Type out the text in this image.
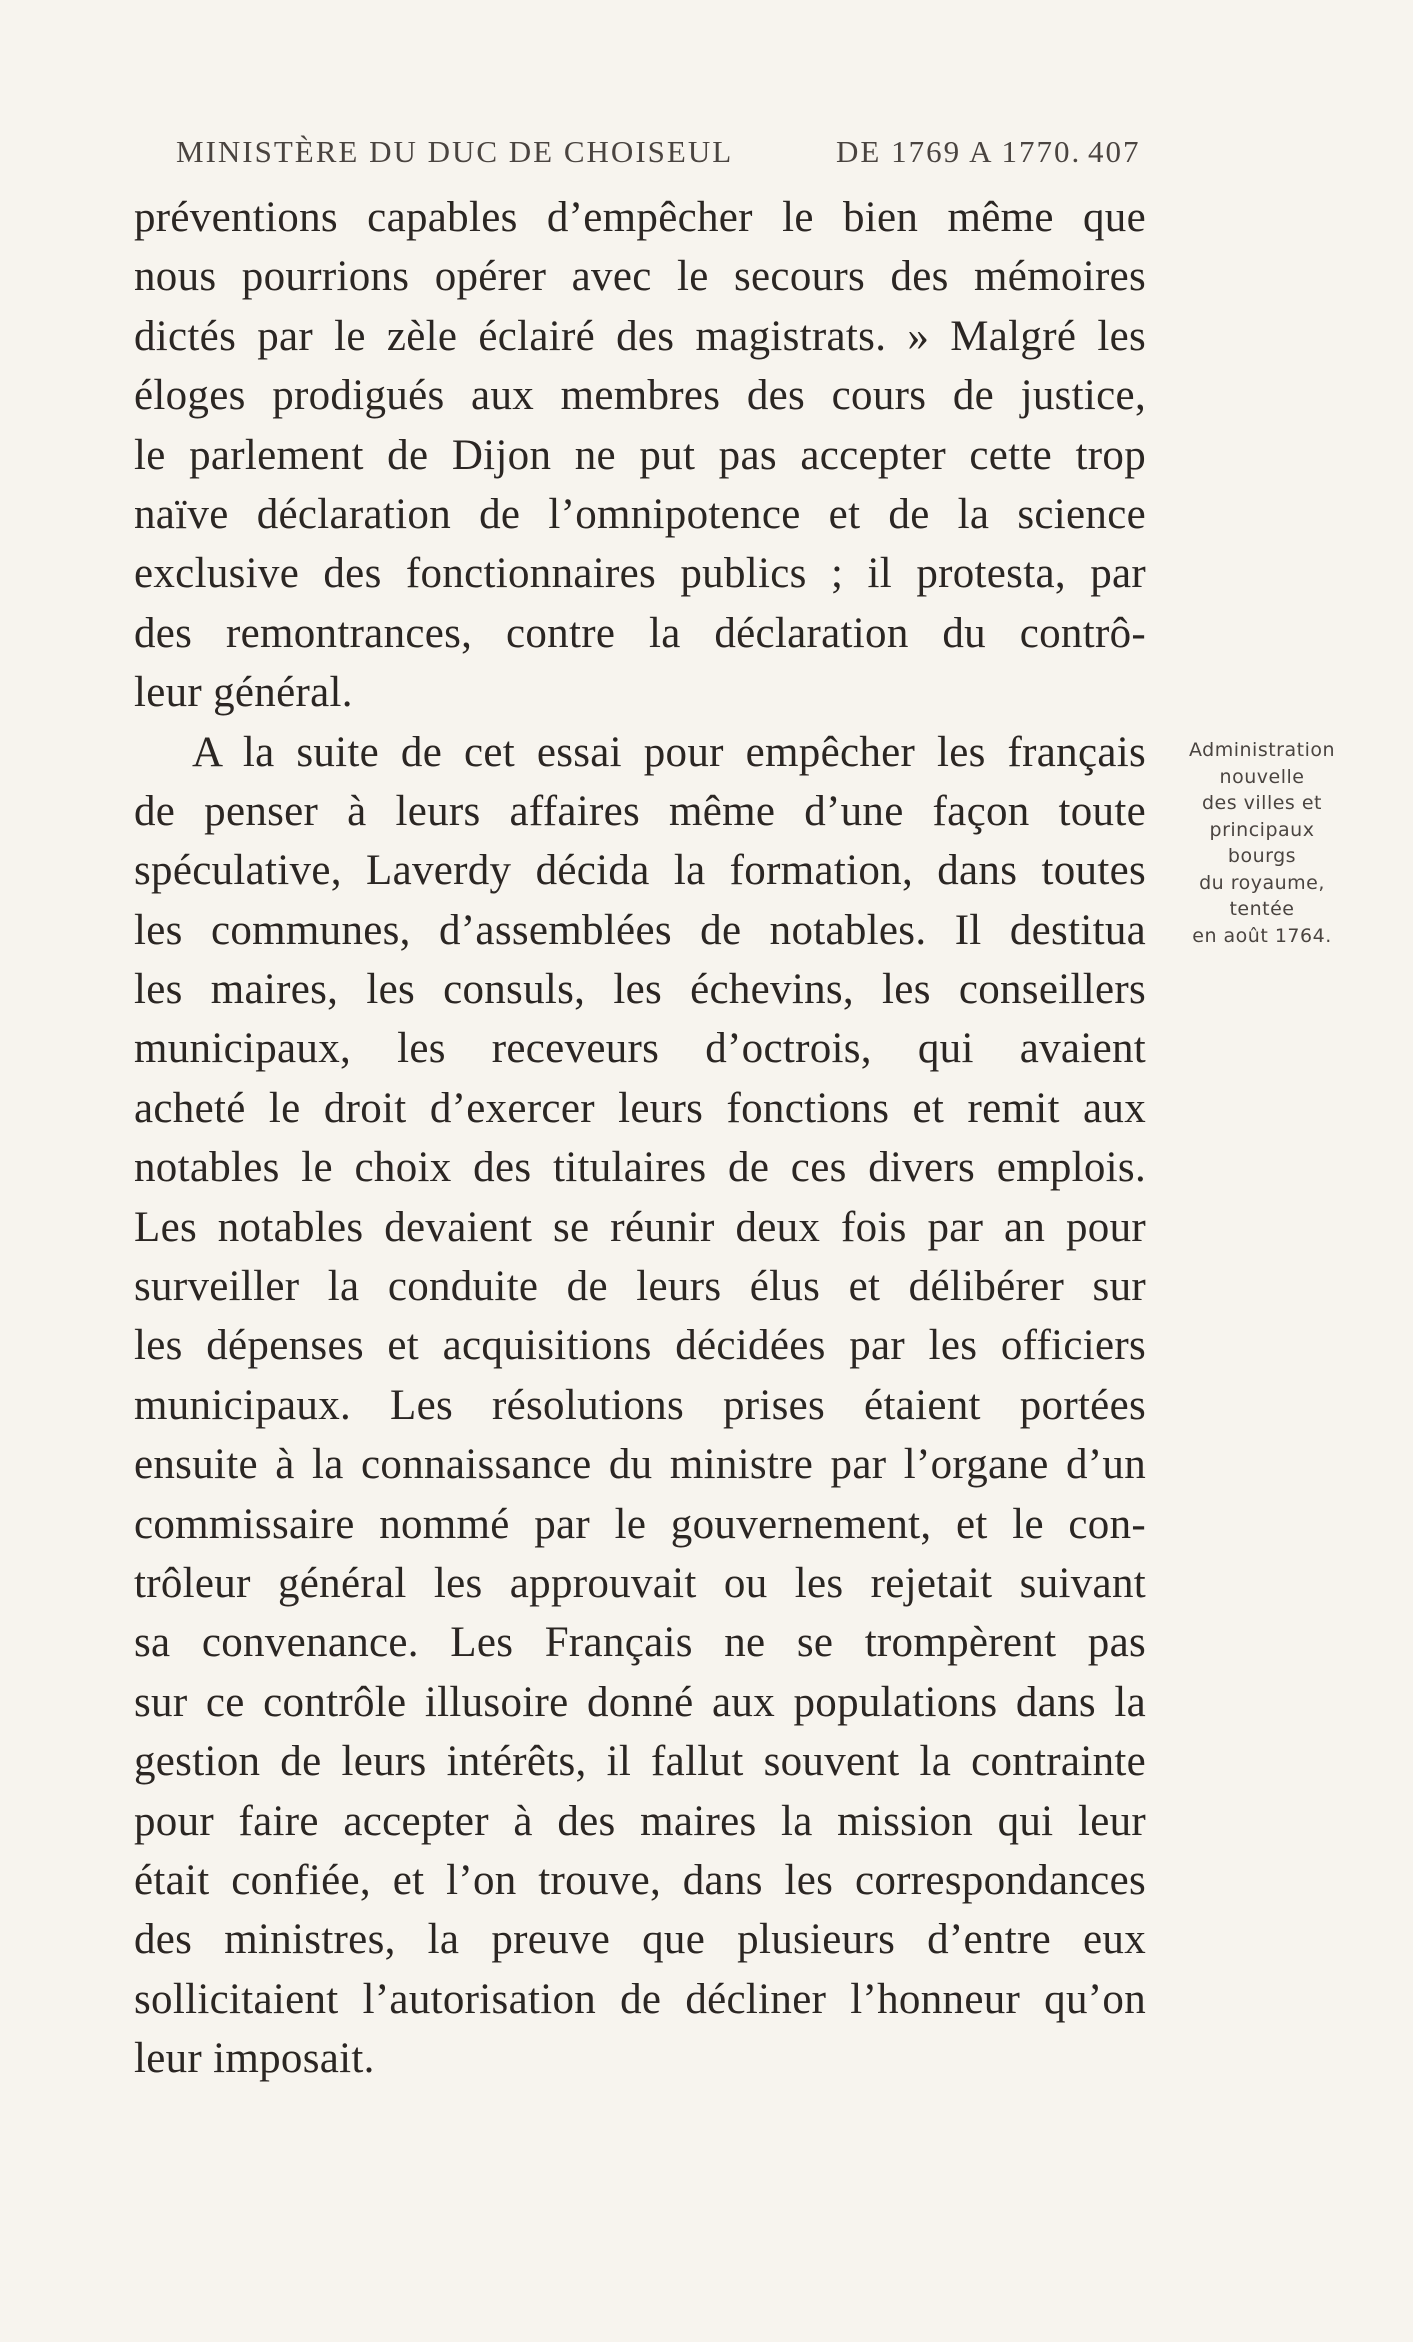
MINISTÈRE DU DUC DE CHOISEUL	DE 1769 A 1770. 407
préventions capables d’empêcher le bien même que
nous pourrions opérer avec le secours des mémoires
dictés par le zèle éclairé des magistrats. » Malgré les
éloges prodigués aux membres des cours de justice,
le parlement de Dijon ne put pas accepter cette trop
naïve déclaration de l’omnipotence et de la science
exclusive des fonctionnaires publics ; il protesta, par
des remontrances, contre la déclaration du contrô-
leur général.
A la suite de cet essai pour empêcher les français
de penser à leurs affaires même d’une façon toute
spéculative, Laverdy décida la formation, dans toutes
les communes, d’assemblées de notables. Il destitua
les maires, les consuls, les échevins, les conseillers
municipaux, les receveurs d’octrois, qui avaient
acheté le droit d’exercer leurs fonctions et remit aux
notables le choix des titulaires de ces divers emplois.
Les notables devaient se réunir deux fois par an pour
surveiller la conduite de leurs élus et délibérer sur
les dépenses et acquisitions décidées par les officiers
municipaux. Les résolutions prises étaient portées
ensuite à la connaissance du ministre par l’organe d’un
commissaire nommé par le gouvernement, et le con-
trôleur général les approuvait ou les rejetait suivant
sa convenance. Les Français ne se trompèrent pas
sur ce contrôle illusoire donné aux populations dans la
gestion de leurs intérêts, il fallut souvent la contrainte
pour faire accepter à des maires la mission qui leur
était confiée, et l’on trouve, dans les correspondances
des ministres, la preuve que plusieurs d’entre eux
sollicitaient l’autorisation de décliner l’honneur qu’on
leur imposait.
Administration
nouvelle
des villes et
principaux
bourgs
du royaume,
tentée
en août 1764.
